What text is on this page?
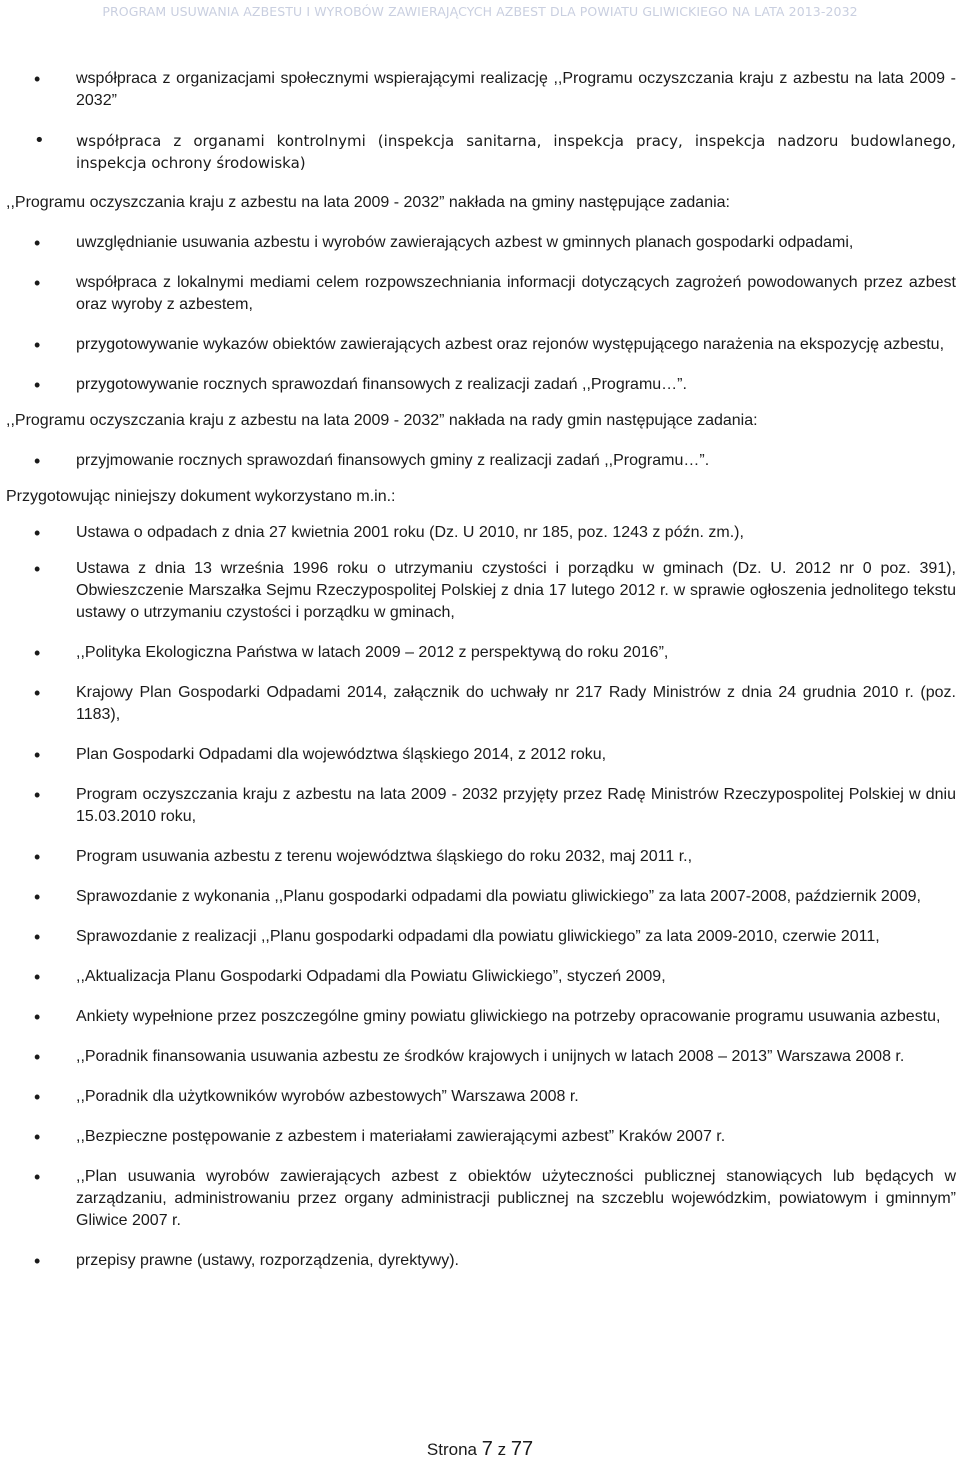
PROGRAM USUWANIA AZBESTU I WYROBÓW ZAWIERAJĄCYCH AZBEST DLA POWIATU GLIWICKIEGO NA LATA 2013-2032
• współpraca z organizacjami społecznymi wspierającymi realizację ,,Programu oczyszczania kraju z azbestu na lata 2009 - 2032”
• współpraca z organami kontrolnymi (inspekcja sanitarna, inspekcja pracy, inspekcja nadzoru budowlanego, inspekcja ochrony środowiska)
,,Programu oczyszczania kraju z azbestu na lata 2009 - 2032” nakłada na gminy następujące zadania:
• uwzględnianie usuwania azbestu i wyrobów zawierających azbest w gminnych planach gospodarki odpadami,
• współpraca z lokalnymi mediami celem rozpowszechniania informacji dotyczących zagrożeń powodowanych przez azbest oraz wyroby z azbestem,
• przygotowywanie wykazów obiektów zawierających azbest oraz rejonów występującego narażenia na ekspozycję azbestu,
• przygotowywanie rocznych sprawozdań finansowych z realizacji zadań ,,Programu…”.
,,Programu oczyszczania kraju z azbestu na lata 2009 - 2032” nakłada na rady gmin następujące zadania:
• przyjmowanie rocznych sprawozdań finansowych gminy z realizacji zadań ,,Programu…”.
Przygotowując niniejszy dokument wykorzystano m.in.:
• Ustawa o odpadach z dnia 27 kwietnia 2001 roku (Dz. U 2010, nr 185, poz. 1243 z późn. zm.),
• Ustawa z dnia 13 września 1996 roku o utrzymaniu czystości i porządku w gminach (Dz. U. 2012 nr 0 poz. 391), Obwieszczenie Marszałka Sejmu Rzeczypospolitej Polskiej z dnia 17 lutego 2012 r. w sprawie ogłoszenia jednolitego tekstu ustawy o utrzymaniu czystości i porządku w gminach,
• ,,Polityka Ekologiczna Państwa w latach 2009 – 2012 z perspektywą do roku 2016”,
• Krajowy Plan Gospodarki Odpadami 2014, załącznik do uchwały nr 217 Rady Ministrów z dnia 24 grudnia 2010 r. (poz. 1183),
• Plan Gospodarki Odpadami dla województwa śląskiego 2014, z 2012 roku,
• Program oczyszczania kraju z azbestu na lata 2009 - 2032 przyjęty przez Radę Ministrów Rzeczypospolitej Polskiej w dniu 15.03.2010 roku,
• Program usuwania azbestu z terenu województwa śląskiego do roku 2032, maj 2011 r.,
• Sprawozdanie z wykonania ,,Planu gospodarki odpadami dla powiatu gliwickiego” za lata 2007-2008, październik 2009,
• Sprawozdanie z realizacji ,,Planu gospodarki odpadami dla powiatu gliwickiego” za lata 2009-2010, czerwie 2011,
• ,,Aktualizacja Planu Gospodarki Odpadami dla Powiatu Gliwickiego”, styczeń 2009,
• Ankiety wypełnione przez poszczególne gminy powiatu gliwickiego na potrzeby opracowanie programu usuwania azbestu,
• ,,Poradnik finansowania usuwania azbestu ze środków krajowych i unijnych w latach 2008 – 2013” Warszawa 2008 r.
• ,,Poradnik dla użytkowników wyrobów azbestowych” Warszawa 2008 r.
• ,,Bezpieczne postępowanie z azbestem i materiałami zawierającymi azbest” Kraków 2007 r.
• ,,Plan usuwania wyrobów zawierających azbest z obiektów użyteczności publicznej stanowiących lub będących w zarządzaniu, administrowaniu przez organy administracji publicznej na szczeblu wojewódzkim, powiatowym i gminnym” Gliwice 2007 r.
• przepisy prawne (ustawy, rozporządzenia, dyrektywy).
Strona 7 z 77
